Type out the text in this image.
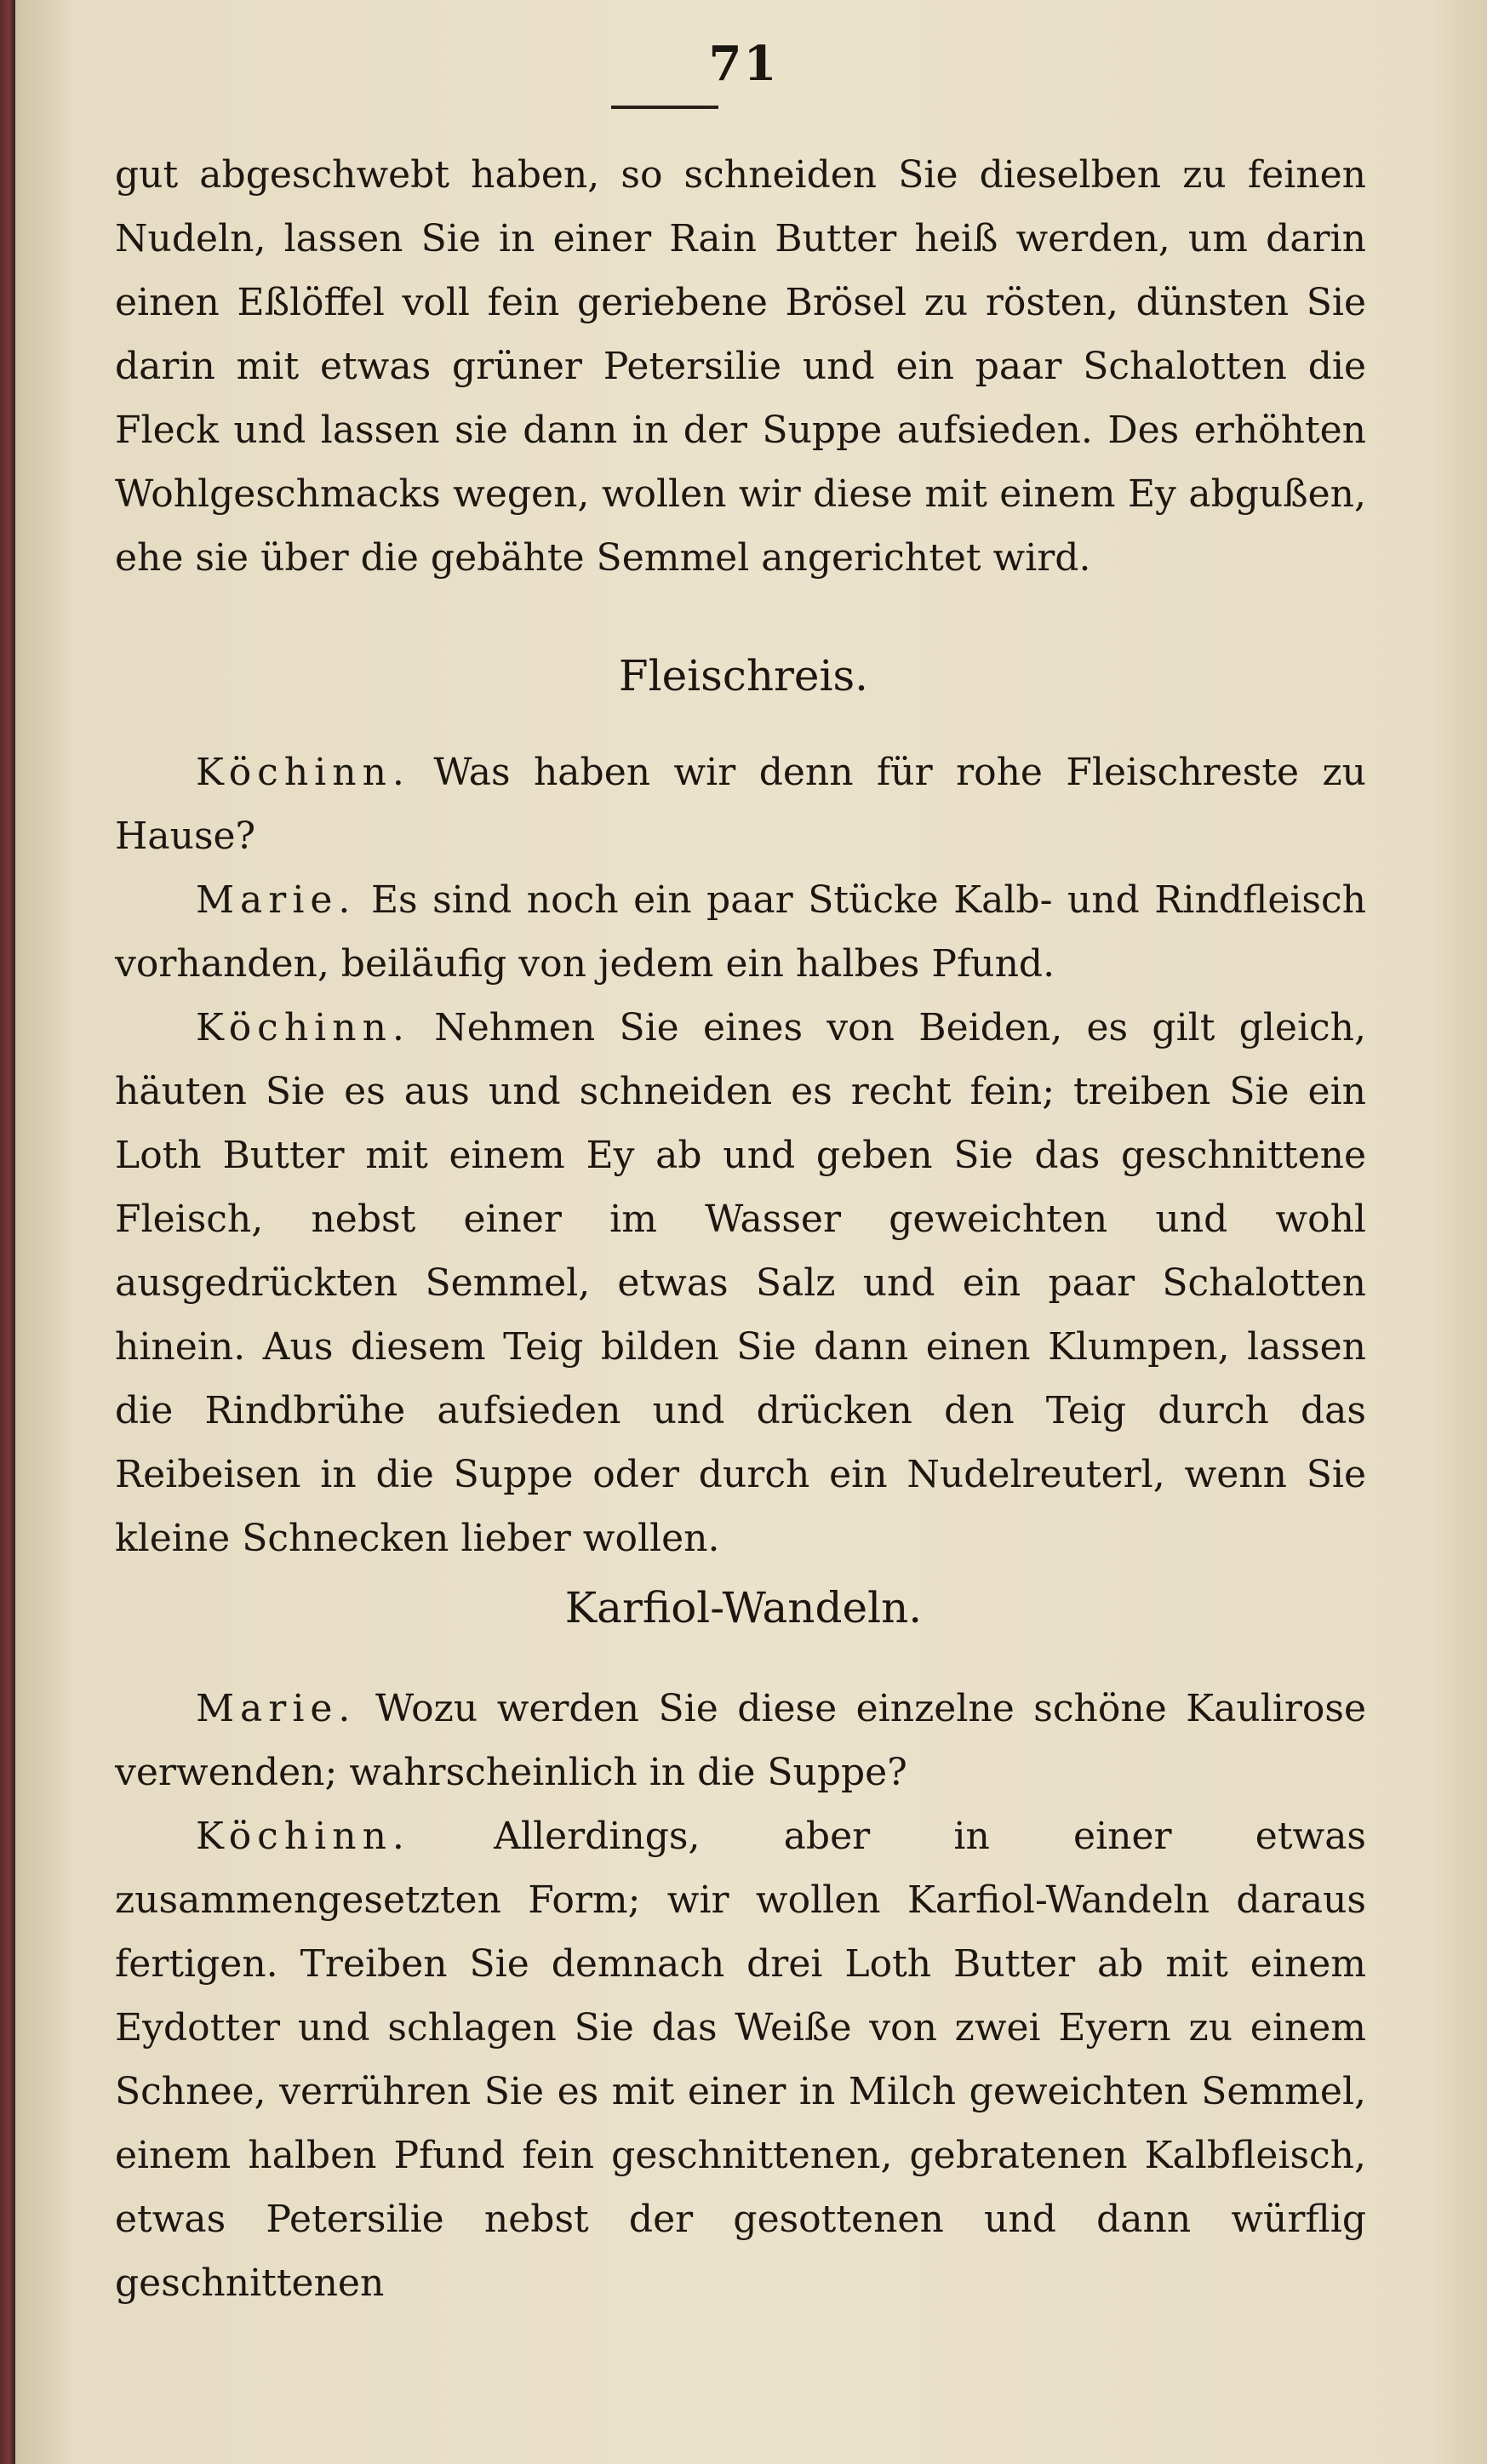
71

gut abgeschwebt haben, so schneiden Sie dieselben zu feinen Nudeln, lassen Sie in einer Rain Butter heiß werden, um darin einen Eßlöffel voll fein geriebene Brösel zu rösten, dünsten Sie darin mit etwas grüner Petersilie und ein paar Schalotten die Fleck und lassen sie dann in der Suppe aufsieden. Des erhöhten Wohlgeschmacks wegen, wollen wir diese mit einem Ey abgußen, ehe sie über die gebähte Semmel angerichtet wird.

Fleischreis.

Köchinn. Was haben wir denn für rohe Fleischreste zu Hause?

Marie. Es sind noch ein paar Stücke Kalb- und Rindfleisch vorhanden, beiläufig von jedem ein halbes Pfund.

Köchinn. Nehmen Sie eines von Beiden, es gilt gleich, häuten Sie es aus und schneiden es recht fein; treiben Sie ein Loth Butter mit einem Ey ab und geben Sie das geschnittene Fleisch, nebst einer im Wasser geweichten und wohl ausgedrückten Semmel, etwas Salz und ein paar Schalotten hinein. Aus diesem Teig bilden Sie dann einen Klumpen, lassen die Rindbrühe aufsieden und drücken den Teig durch das Reibeisen in die Suppe oder durch ein Nudelreuterl, wenn Sie kleine Schnecken lieber wollen.

Karfiol-Wandeln.

Marie. Wozu werden Sie diese einzelne schöne Kaulirose verwenden; wahrscheinlich in die Suppe?

Köchinn. Allerdings, aber in einer etwas zusammengesetzten Form; wir wollen Karfiol-Wandeln daraus fertigen. Treiben Sie demnach drei Loth Butter ab mit einem Eydotter und schlagen Sie das Weiße von zwei Eyern zu einem Schnee, verrühren Sie es mit einer in Milch geweichten Semmel, einem halben Pfund fein geschnittenen, gebratenen Kalbfleisch, etwas Petersilie nebst der gesottenen und dann würflig geschnittenen
